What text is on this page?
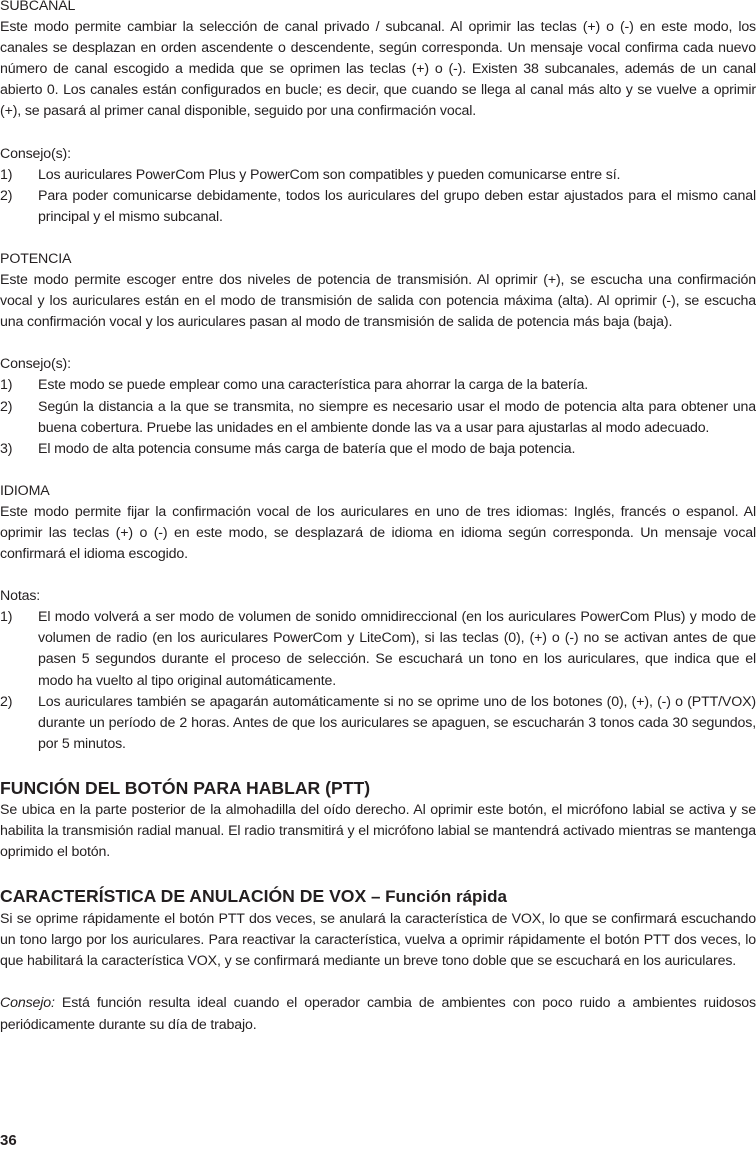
SUBCANAL

Este modo permite cambiar la selección de canal privado / subcanal. Al oprimir las teclas (+) o (-) en este modo, los canales se desplazan en orden ascendente o descendente, según corresponda. Un mensaje vocal confirma cada nuevo número de canal escogido a medida que se oprimen las teclas (+) o (-). Existen 38 subcanales, además de un canal abierto 0. Los canales están configurados en bucle; es decir, que cuando se llega al canal más alto y se vuelve a oprimir (+), se pasará al primer canal disponible, seguido por una confirmación vocal.

Consejo(s):

1)	Los auriculares PowerCom Plus y PowerCom son compatibles y pueden comunicarse entre sí.
2)	Para poder comunicarse debidamente, todos los auriculares del grupo deben estar ajustados para el mismo canal principal y el mismo subcanal.

POTENCIA

Este modo permite escoger entre dos niveles de potencia de transmisión. Al oprimir (+), se escucha una confirmación vocal y los auriculares están en el modo de transmisión de salida con potencia máxima (alta). Al oprimir (-), se escucha una confirmación vocal y los auriculares pasan al modo de transmisión de salida de potencia más baja (baja).

Consejo(s):

1)	Este modo se puede emplear como una característica para ahorrar la carga de la batería.
2)	Según la distancia a la que se transmita, no siempre es necesario usar el modo de potencia alta para obtener una buena cobertura. Pruebe las unidades en el ambiente donde las va a usar para ajustarlas al modo adecuado.
3)	El modo de alta potencia consume más carga de batería que el modo de baja potencia.

IDIOMA

Este modo permite fijar la confirmación vocal de los auriculares en uno de tres idiomas: Inglés, francés o espanol. Al oprimir las teclas (+) o (-) en este modo, se desplazará de idioma en idioma según corresponda. Un mensaje vocal confirmará el idioma escogido.

Notas:

1)	El modo volverá a ser modo de volumen de sonido omnidireccional (en los auriculares PowerCom Plus) y modo de volumen de radio (en los auriculares PowerCom y LiteCom), si las teclas (0), (+) o (-) no se activan antes de que pasen 5 segundos durante el proceso de selección. Se escuchará un tono en los auriculares, que indica que el modo ha vuelto al tipo original automáticamente.
2)	Los auriculares también se apagarán automáticamente si no se oprime uno de los botones (0), (+), (-) o (PTT/VOX) durante un período de 2 horas. Antes de que los auriculares se apaguen, se escucharán 3 tonos cada 30 segundos, por 5 minutos.
FUNCIÓN DEL BOTÓN PARA HABLAR (PTT)

Se ubica en la parte posterior de la almohadilla del oído derecho. Al oprimir este botón, el micrófono labial se activa y se habilita la transmisión radial manual. El radio transmitirá y el micrófono labial se mantendrá activado mientras se mantenga oprimido el botón.

CARACTERÍSTICA DE ANULACIÓN DE VOX – Función rápida

Si se oprime rápidamente el botón PTT dos veces, se anulará la característica de VOX, lo que se confirmará escuchando un tono largo por los auriculares. Para reactivar la característica, vuelva a oprimir rápidamente el botón PTT dos veces, lo que habilitará la característica VOX, y se confirmará mediante un breve tono doble que se escuchará en los auriculares.

Consejo: Está función resulta ideal cuando el operador cambia de ambientes con poco ruido a ambientes ruidosos periódicamente durante su día de trabajo.

36
